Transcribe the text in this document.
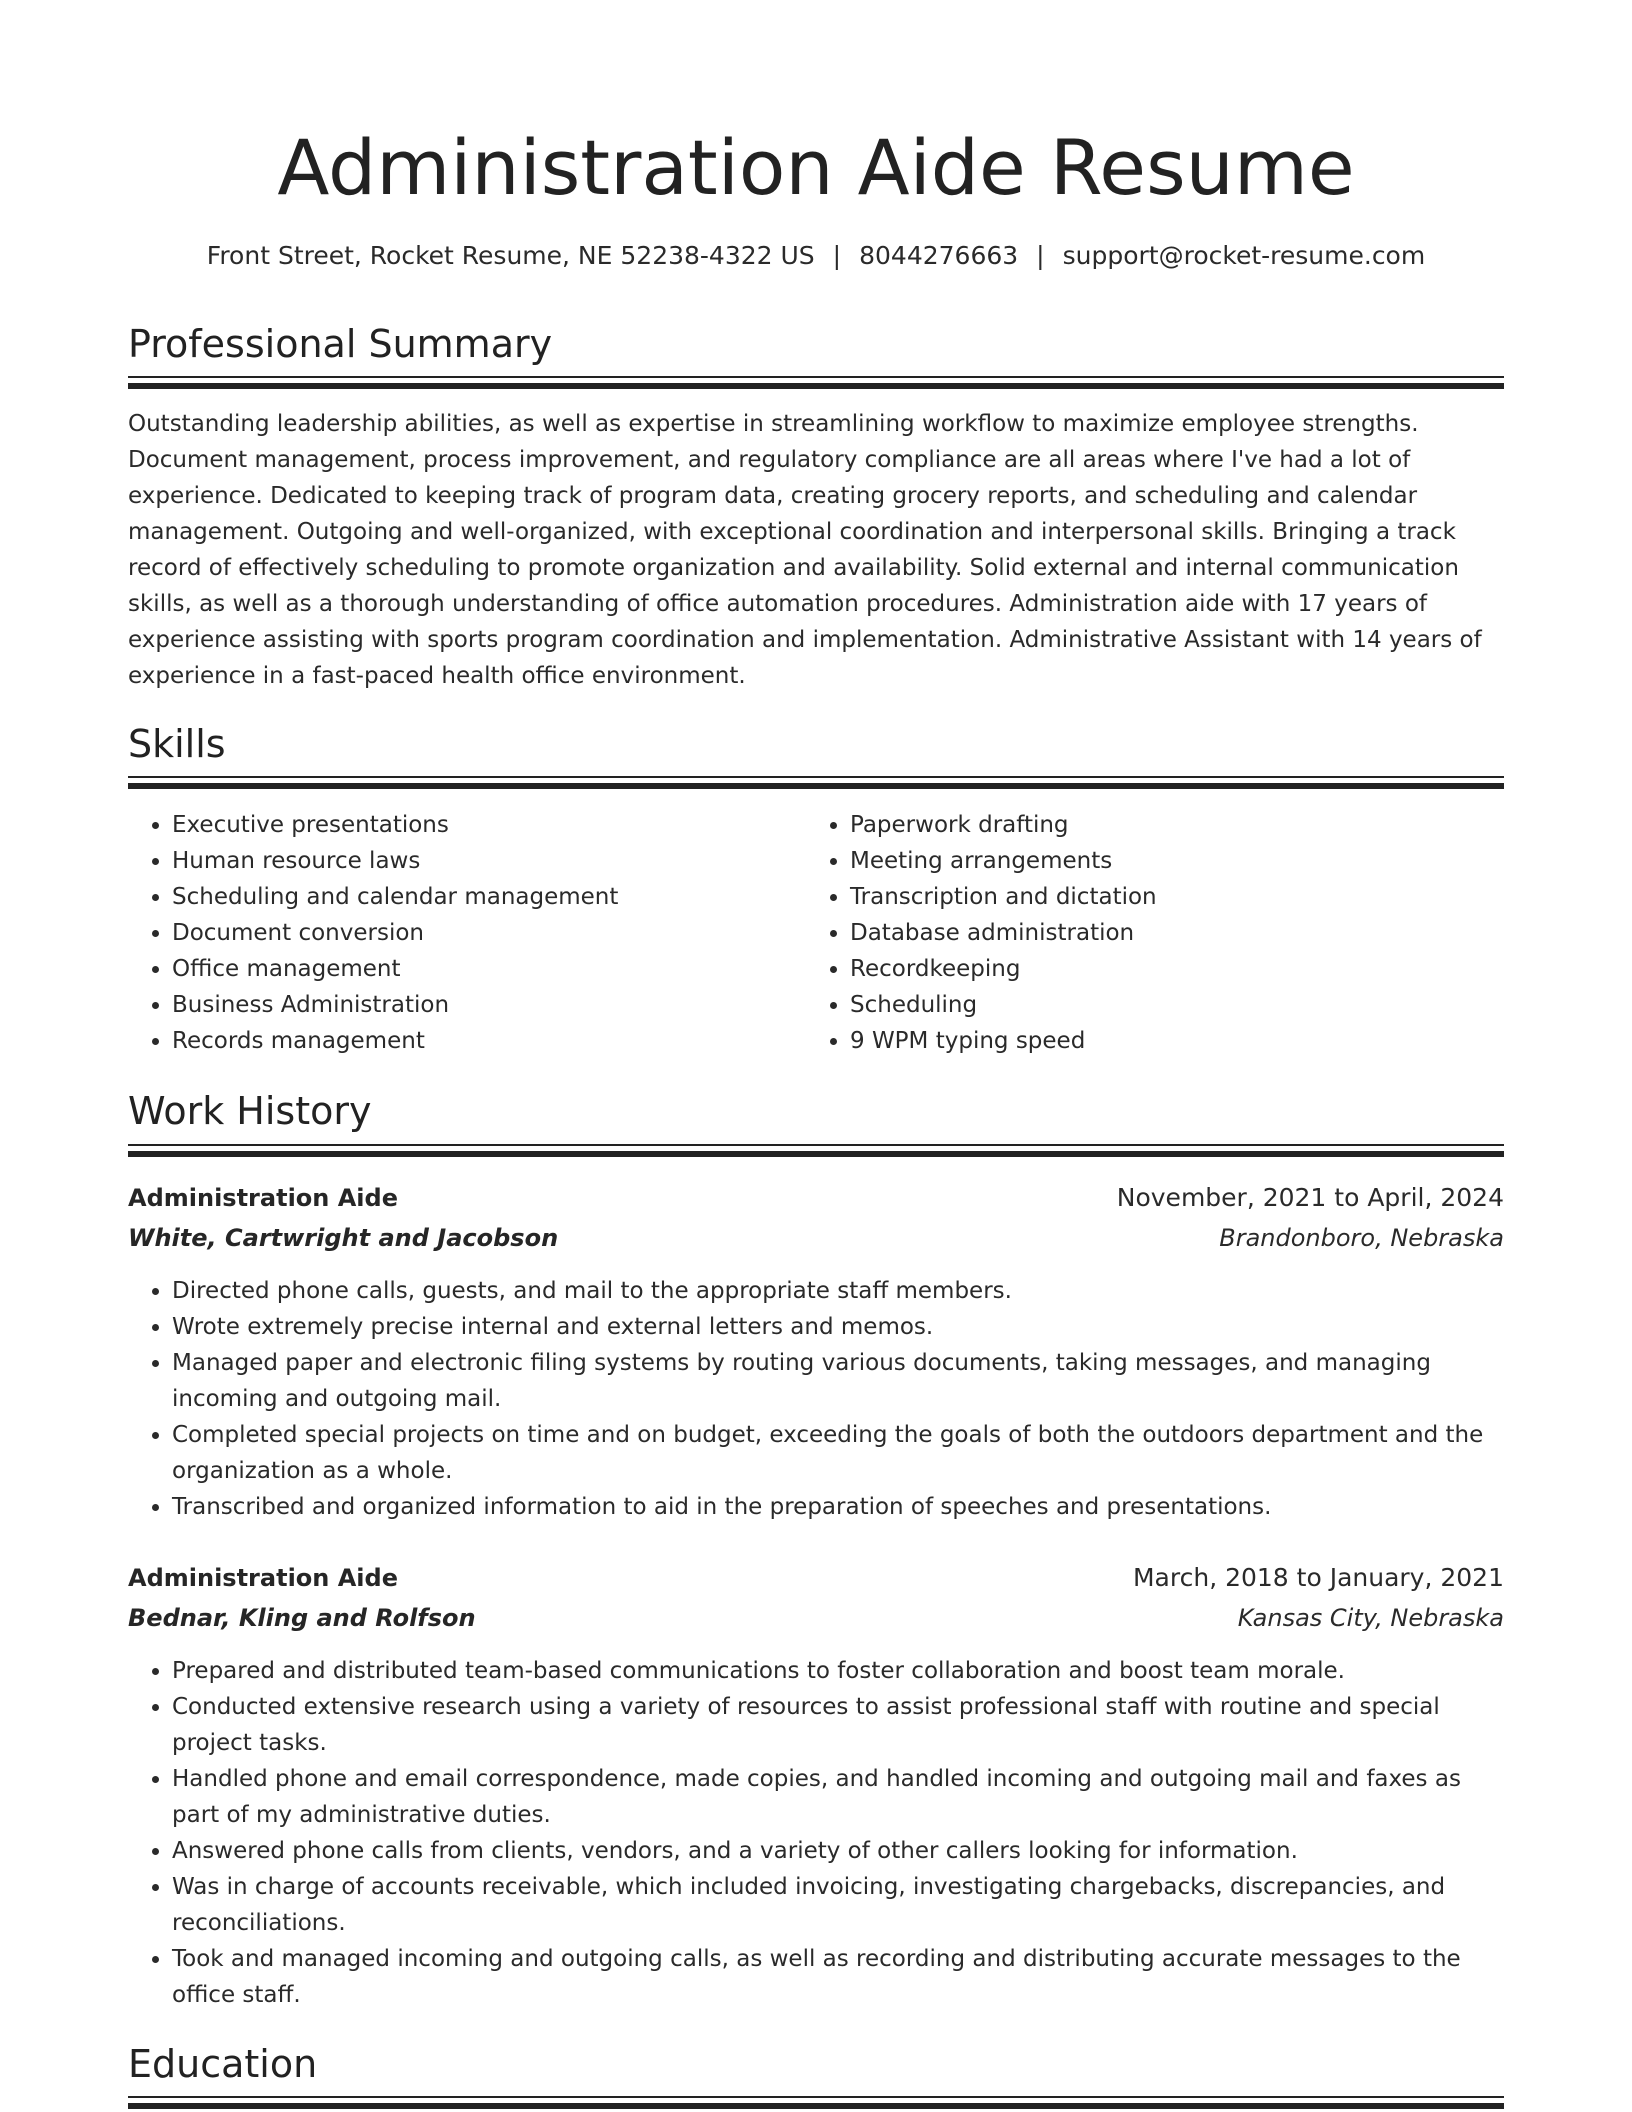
Administration Aide Resume
Front Street, Rocket Resume, NE 52238-4322 US | 8044276663 | support@rocket-resume.com
Professional Summary

Outstanding leadership abilities, as well as expertise in streamlining workflow to maximize employee strengths. Document management, process improvement, and regulatory compliance are all areas where I've had a lot of experience. Dedicated to keeping track of program data, creating grocery reports, and scheduling and calendar management. Outgoing and well-organized, with exceptional coordination and interpersonal skills. Bringing a track record of effectively scheduling to promote organization and availability. Solid external and internal communication skills, as well as a thorough understanding of office automation procedures. Administration aide with 17 years of experience assisting with sports program coordination and implementation. Administrative Assistant with 14 years of experience in a fast-paced health office environment.

Skills
• Executive presentations
• Human resource laws
• Scheduling and calendar management
• Document conversion
• Office management
• Business Administration
• Records management
• Paperwork drafting
• Meeting arrangements
• Transcription and dictation
• Database administration
• Recordkeeping
• Scheduling
• 9 WPM typing speed
Work History
Administration Aide	November, 2021 to April, 2024
White, Cartwright and Jacobson	Brandonboro, Nebraska
• Directed phone calls, guests, and mail to the appropriate staff members.
• Wrote extremely precise internal and external letters and memos.
• Managed paper and electronic filing systems by routing various documents, taking messages, and managing incoming and outgoing mail.
• Completed special projects on time and on budget, exceeding the goals of both the outdoors department and the organization as a whole.
• Transcribed and organized information to aid in the preparation of speeches and presentations.
Administration Aide	March, 2018 to January, 2021
Bednar, Kling and Rolfson	Kansas City, Nebraska
• Prepared and distributed team-based communications to foster collaboration and boost team morale.
• Conducted extensive research using a variety of resources to assist professional staff with routine and special project tasks.
• Handled phone and email correspondence, made copies, and handled incoming and outgoing mail and faxes as part of my administrative duties.
• Answered phone calls from clients, vendors, and a variety of other callers looking for information.
• Was in charge of accounts receivable, which included invoicing, investigating chargebacks, discrepancies, and reconciliations.
• Took and managed incoming and outgoing calls, as well as recording and distributing accurate messages to the office staff.
Education
